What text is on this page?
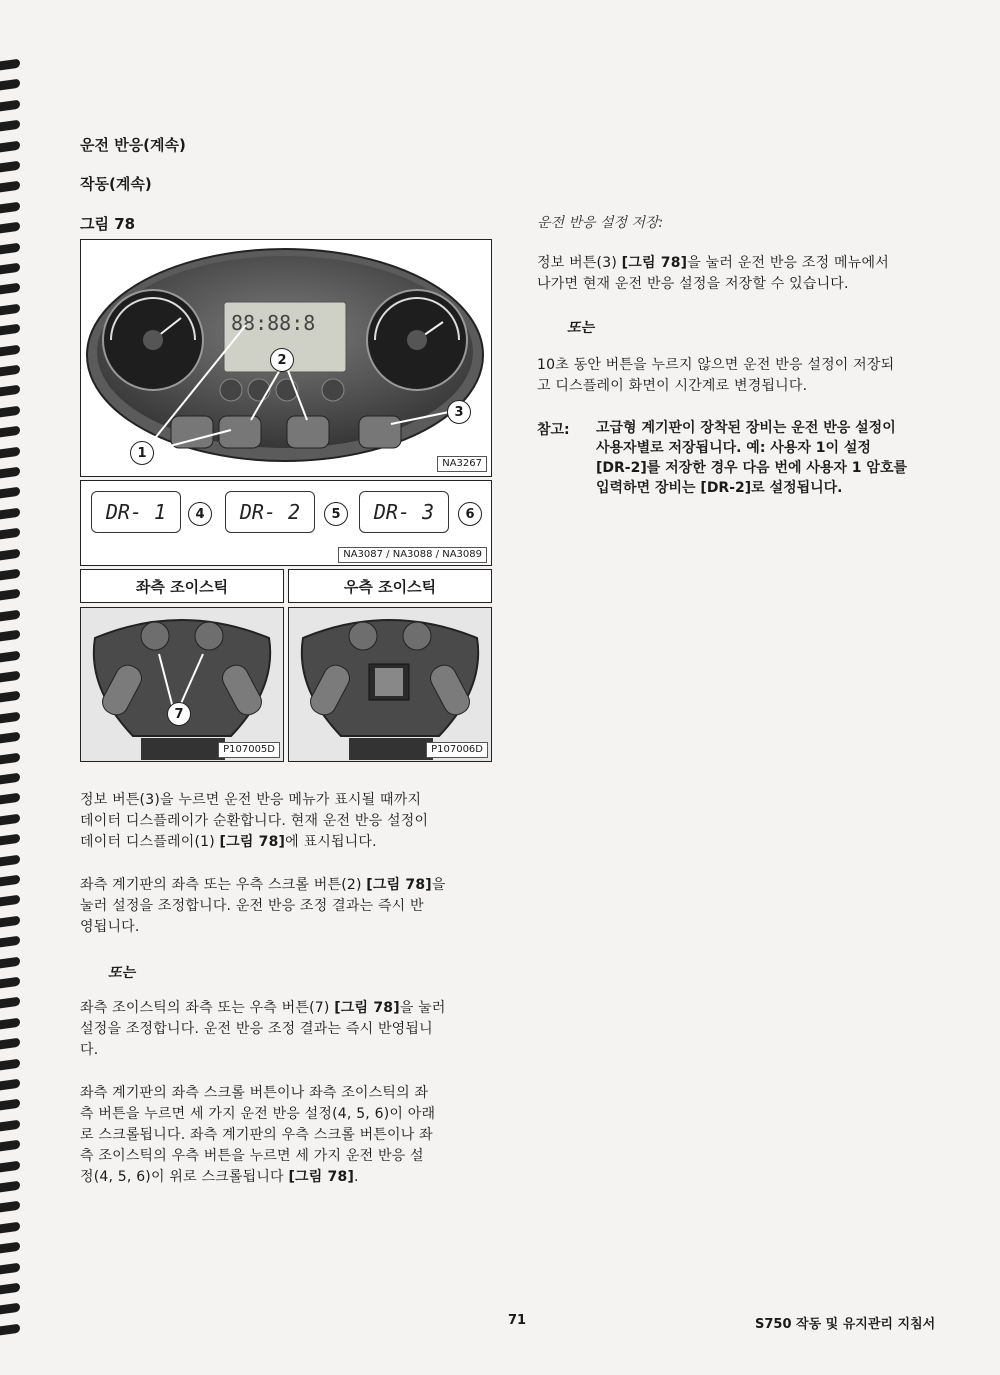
운전 반응(계속)

작동(계속)

그림 78

88:88:8
1
2
3
NA3267
DR- 1	4	DR- 2	5	DR- 3	6
NA3087 / NA3088 / NA3089
좌측 조이스틱	우측 조이스틱
7
P107005D	P107006D
정보 버튼(3)을 누르면 운전 반응 메뉴가 표시될 때까지
데이터 디스플레이가 순환합니다. 현재 운전 반응 설정이
데이터 디스플레이(1) [그림 78]에 표시됩니다.
좌측 계기판의 좌측 또는 우측 스크롤 버튼(2) [그림 78]을
눌러 설정을 조정합니다. 운전 반응 조정 결과는 즉시 반
영됩니다.

또는

좌측 조이스틱의 좌측 또는 우측 버튼(7) [그림 78]을 눌러
설정을 조정합니다. 운전 반응 조정 결과는 즉시 반영됩니
다.
좌측 계기판의 좌측 스크롤 버튼이나 좌측 조이스틱의 좌
측 버튼을 누르면 세 가지 운전 반응 설정(4, 5, 6)이 아래
로 스크롤됩니다. 좌측 계기판의 우측 스크롤 버튼이나 좌
측 조이스틱의 우측 버튼을 누르면 세 가지 운전 반응 설
정(4, 5, 6)이 위로 스크롤됩니다 [그림 78].

운전 반응 설정 저장:

정보 버튼(3) [그림 78]을 눌러 운전 반응 조정 메뉴에서
나가면 현재 운전 반응 설정을 저장할 수 있습니다.

또는

10초 동안 버튼을 누르지 않으면 운전 반응 설정이 저장되
고 디스플레이 화면이 시간계로 변경됩니다.

참고: 고급형 계기판이 장착된 장비는 운전 반응 설정이
사용자별로 저장됩니다. 예: 사용자 1이 설정
[DR-2]를 저장한 경우 다음 번에 사용자 1 암호를
입력하면 장비는 [DR-2]로 설정됩니다.

71	S750 작동 및 유지관리 지침서
